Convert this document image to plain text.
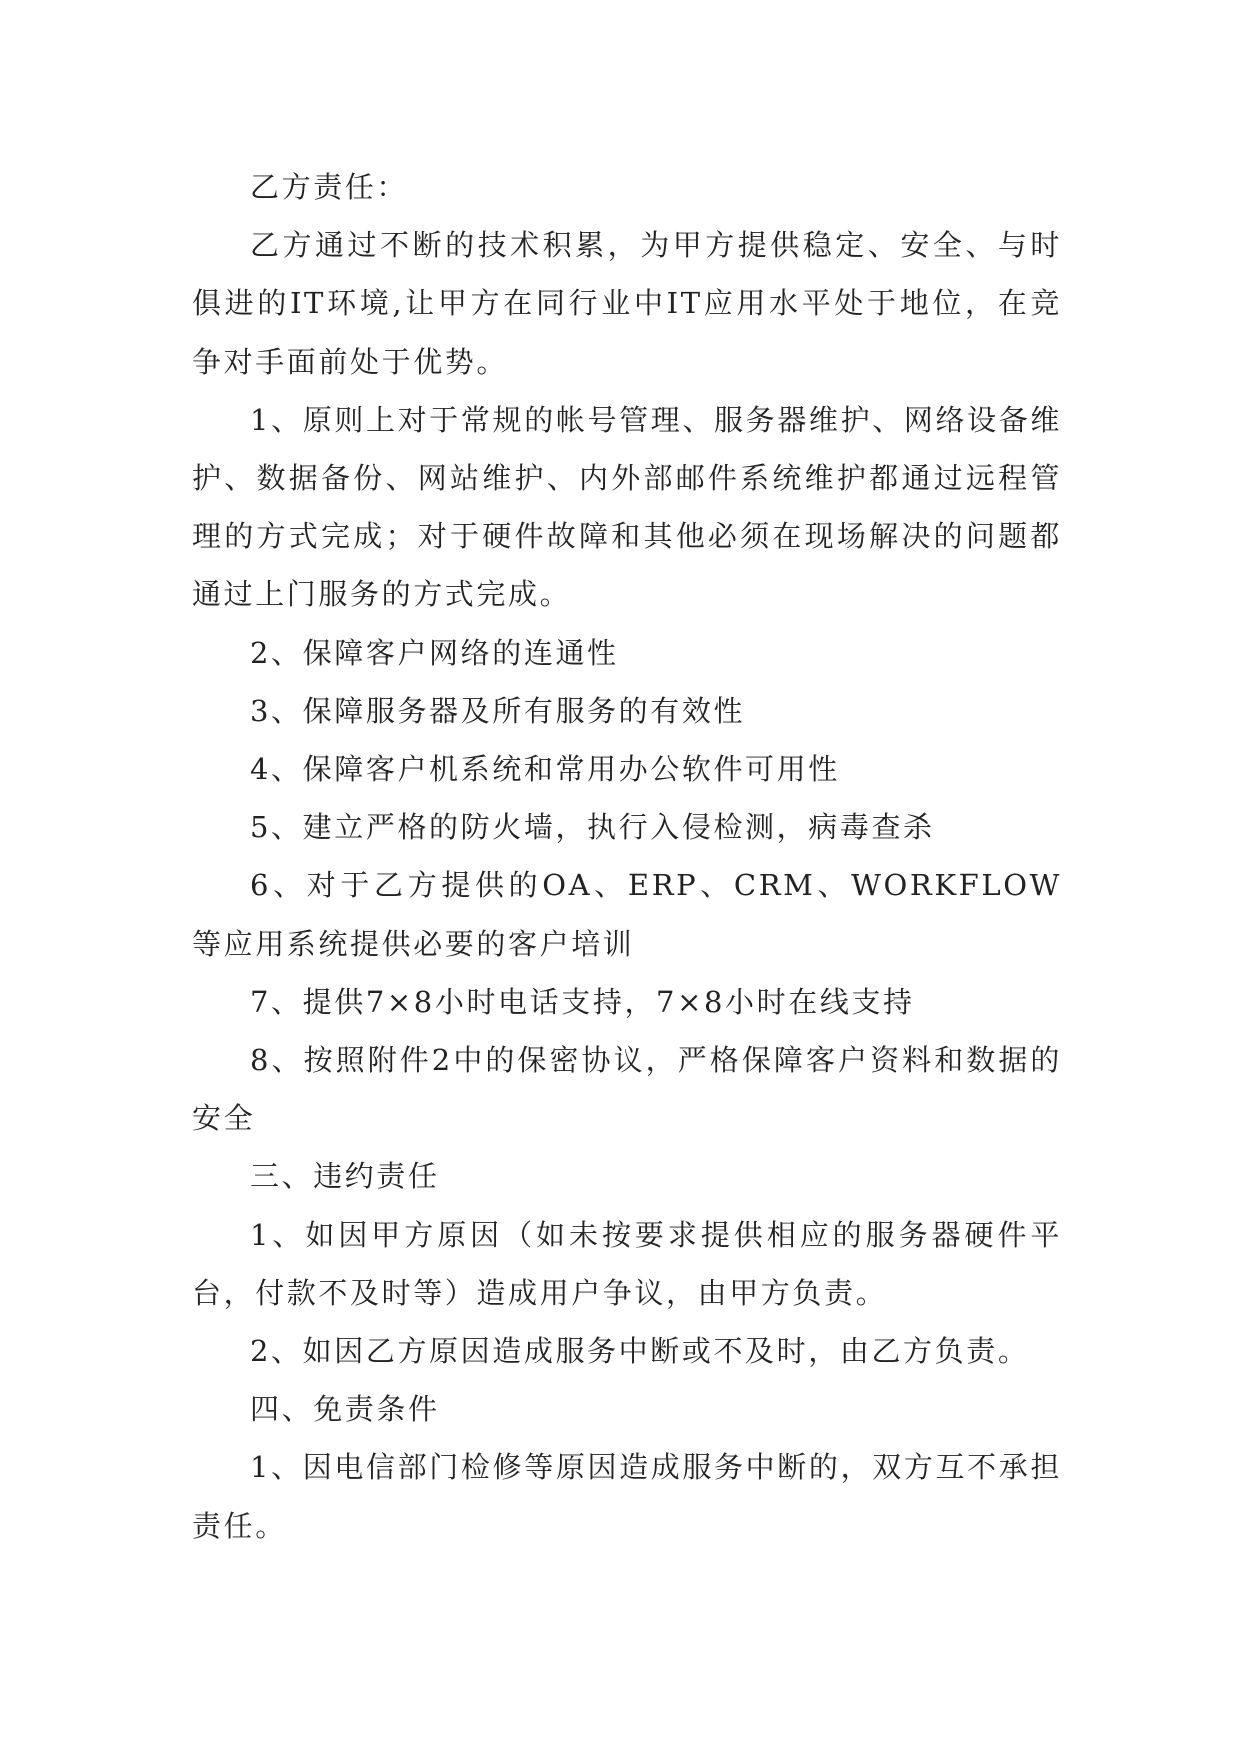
乙方责任：

乙方通过不断的技术积累，为甲方提供稳定、安全、与时俱进的IT环境,让甲方在同行业中IT应用水平处于地位，在竞争对手面前处于优势。

1、原则上对于常规的帐号管理、服务器维护、网络设备维护、数据备份、网站维护、内外部邮件系统维护都通过远程管理的方式完成；对于硬件故障和其他必须在现场解决的问题都通过上门服务的方式完成。

2、保障客户网络的连通性

3、保障服务器及所有服务的有效性

4、保障客户机系统和常用办公软件可用性

5、建立严格的防火墙，执行入侵检测，病毒查杀

6、对于乙方提供的OA、ERP、CRM、WORKFLOW等应用系统提供必要的客户培训

7、提供7×8小时电话支持，7×8小时在线支持

8、按照附件2中的保密协议，严格保障客户资料和数据的安全

三、违约责任

1、如因甲方原因（如未按要求提供相应的服务器硬件平台，付款不及时等）造成用户争议，由甲方负责。

2、如因乙方原因造成服务中断或不及时，由乙方负责。

四、免责条件

1、因电信部门检修等原因造成服务中断的，双方互不承担责任。
